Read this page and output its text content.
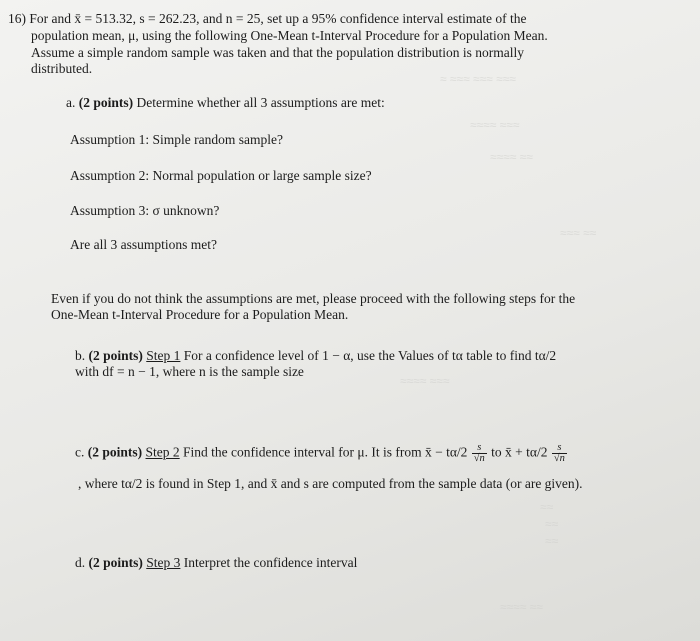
≈ ≈≈≈ ≈≈≈ ≈≈≈
≈≈≈≈ ≈≈≈
≈≈≈≈ ≈≈
≈≈≈ ≈≈
≈≈≈≈ ≈≈≈
≈≈
≈≈
≈≈
≈≈≈≈ ≈≈
16) For and x̄ = 513.32, s = 262.23, and n = 25, set up a 95% confidence interval estimate of the
population mean, μ, using the following One-Mean t-Interval Procedure for a Population Mean.
Assume a simple random sample was taken and that the population distribution is normally
distributed.
a. (2 points) Determine whether all 3 assumptions are met:
Assumption 1: Simple random sample?
Assumption 2: Normal population or large sample size?
Assumption 3: σ unknown?
Are all 3 assumptions met?
Even if you do not think the assumptions are met, please proceed with the following steps for the
One-Mean t-Interval Procedure for a Population Mean.
b. (2 points) Step 1 For a confidence level of 1 − α, use the Values of tα table to find tα/2
with df = n − 1, where n is the sample size
c. (2 points) Step 2 Find the confidence interval for μ. It is from x̄ − $t\alpha/2 \frac{s}{√n}$ to x̄ + $t\alpha/2 \frac{s}{√n}$
, where tα/2 is found in Step 1, and x̄ and s are computed from the sample data (or are given).
d. (2 points) Step 3 Interpret the confidence interval
